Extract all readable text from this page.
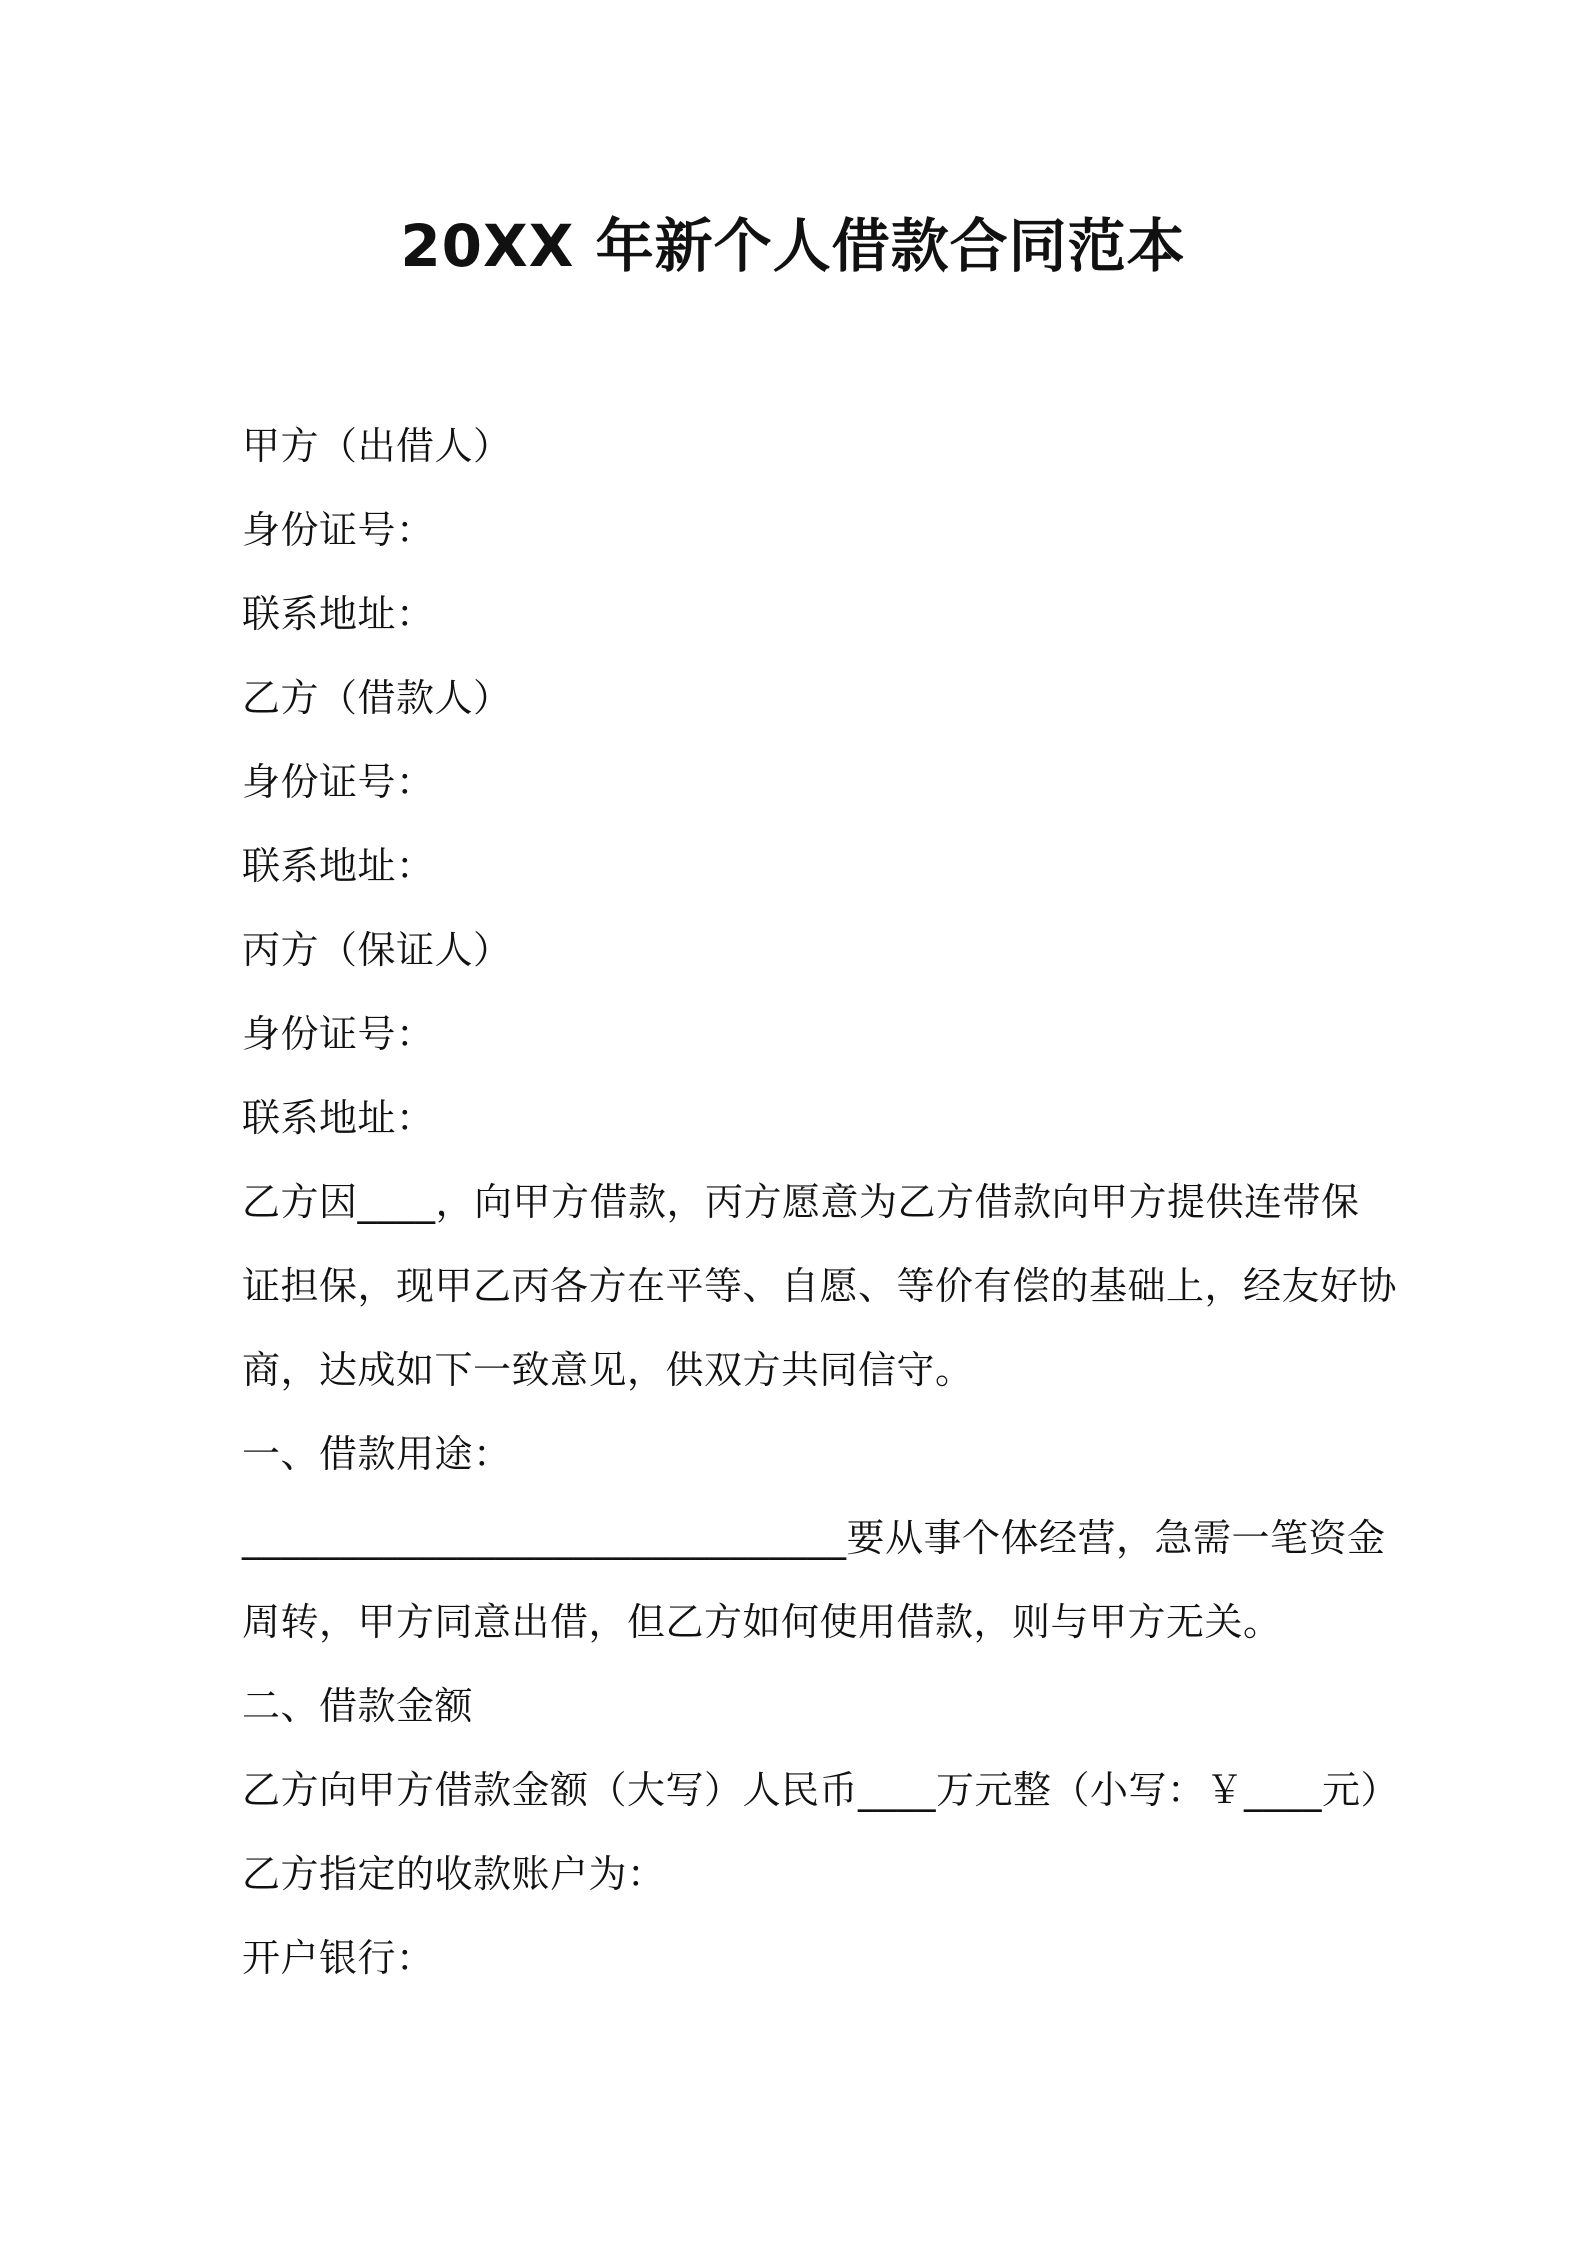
20XX 年新个人借款合同范本
甲方（出借人）
身份证号：
联系地址：
乙方（借款人）
身份证号：
联系地址：
丙方（保证人）
身份证号：
联系地址：
乙方因____，向甲方借款，丙方愿意为乙方借款向甲方提供连带保
证担保，现甲乙丙各方在平等、自愿、等价有偿的基础上，经友好协
商，达成如下一致意见，供双方共同信守。
一、借款用途：
_______________________________要从事个体经营，急需一笔资金
周转，甲方同意出借，但乙方如何使用借款，则与甲方无关。
二、借款金额
乙方向甲方借款金额（大写）人民币____万元整（小写：￥____元）
乙方指定的收款账户为：
开户银行：
